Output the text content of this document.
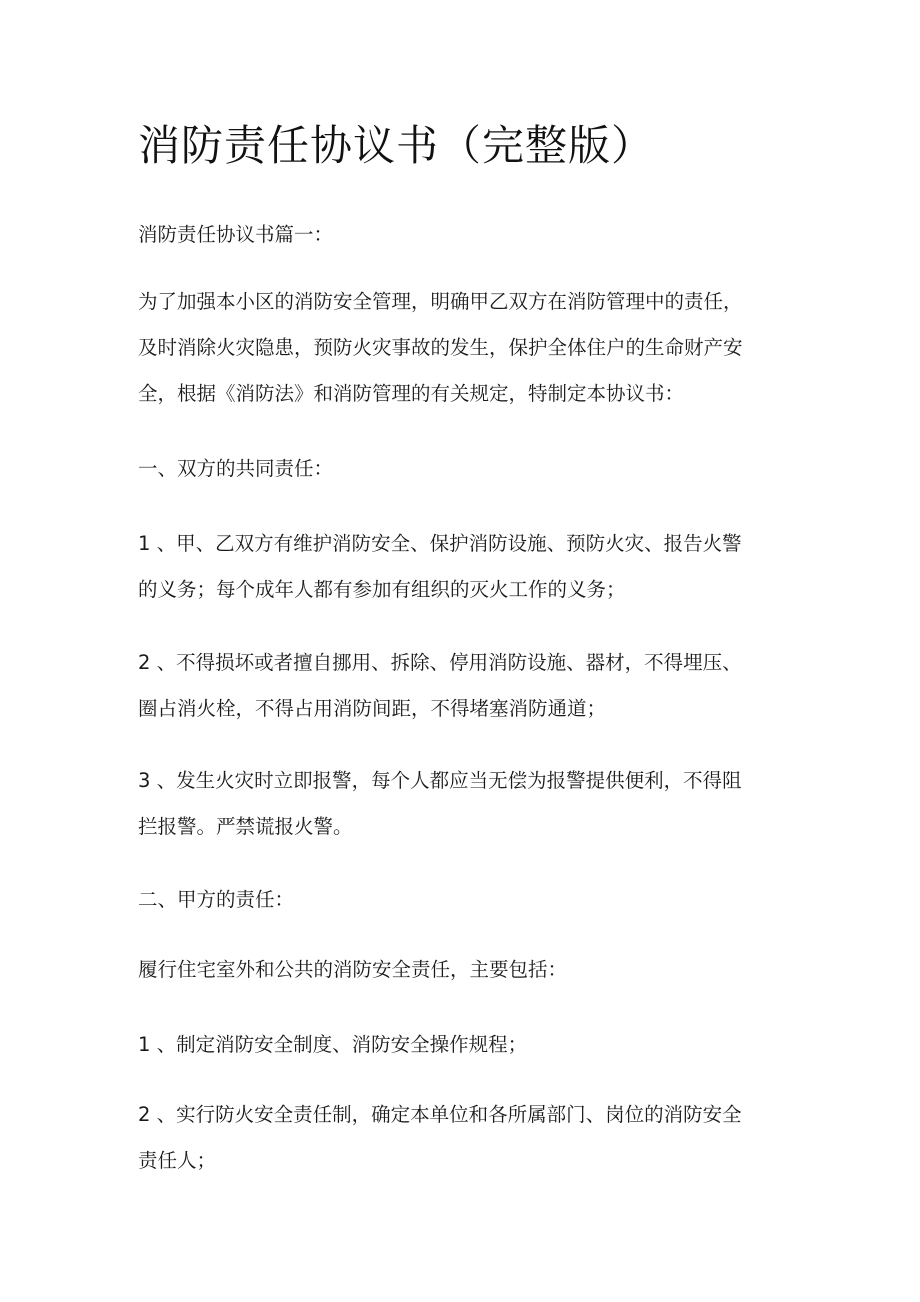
消防责任协议书（完整版）
消防责任协议书篇一：
为了加强本小区的消防安全管理，明确甲乙双方在消防管理中的责任，
及时消除火灾隐患，预防火灾事故的发生，保护全体住户的生命财产安
全，根据《消防法》和消防管理的有关规定，特制定本协议书：
一、双方的共同责任：
1 、甲、乙双方有维护消防安全、保护消防设施、预防火灾、报告火警
的义务；每个成年人都有参加有组织的灭火工作的义务；
2 、不得损坏或者擅自挪用、拆除、停用消防设施、器材，不得埋压、
圈占消火栓，不得占用消防间距，不得堵塞消防通道；
3 、发生火灾时立即报警，每个人都应当无偿为报警提供便利，不得阻
拦报警。严禁谎报火警。
二、甲方的责任：
履行住宅室外和公共的消防安全责任，主要包括：
1 、制定消防安全制度、消防安全操作规程；
2 、实行防火安全责任制，确定本单位和各所属部门、岗位的消防安全
责任人；
